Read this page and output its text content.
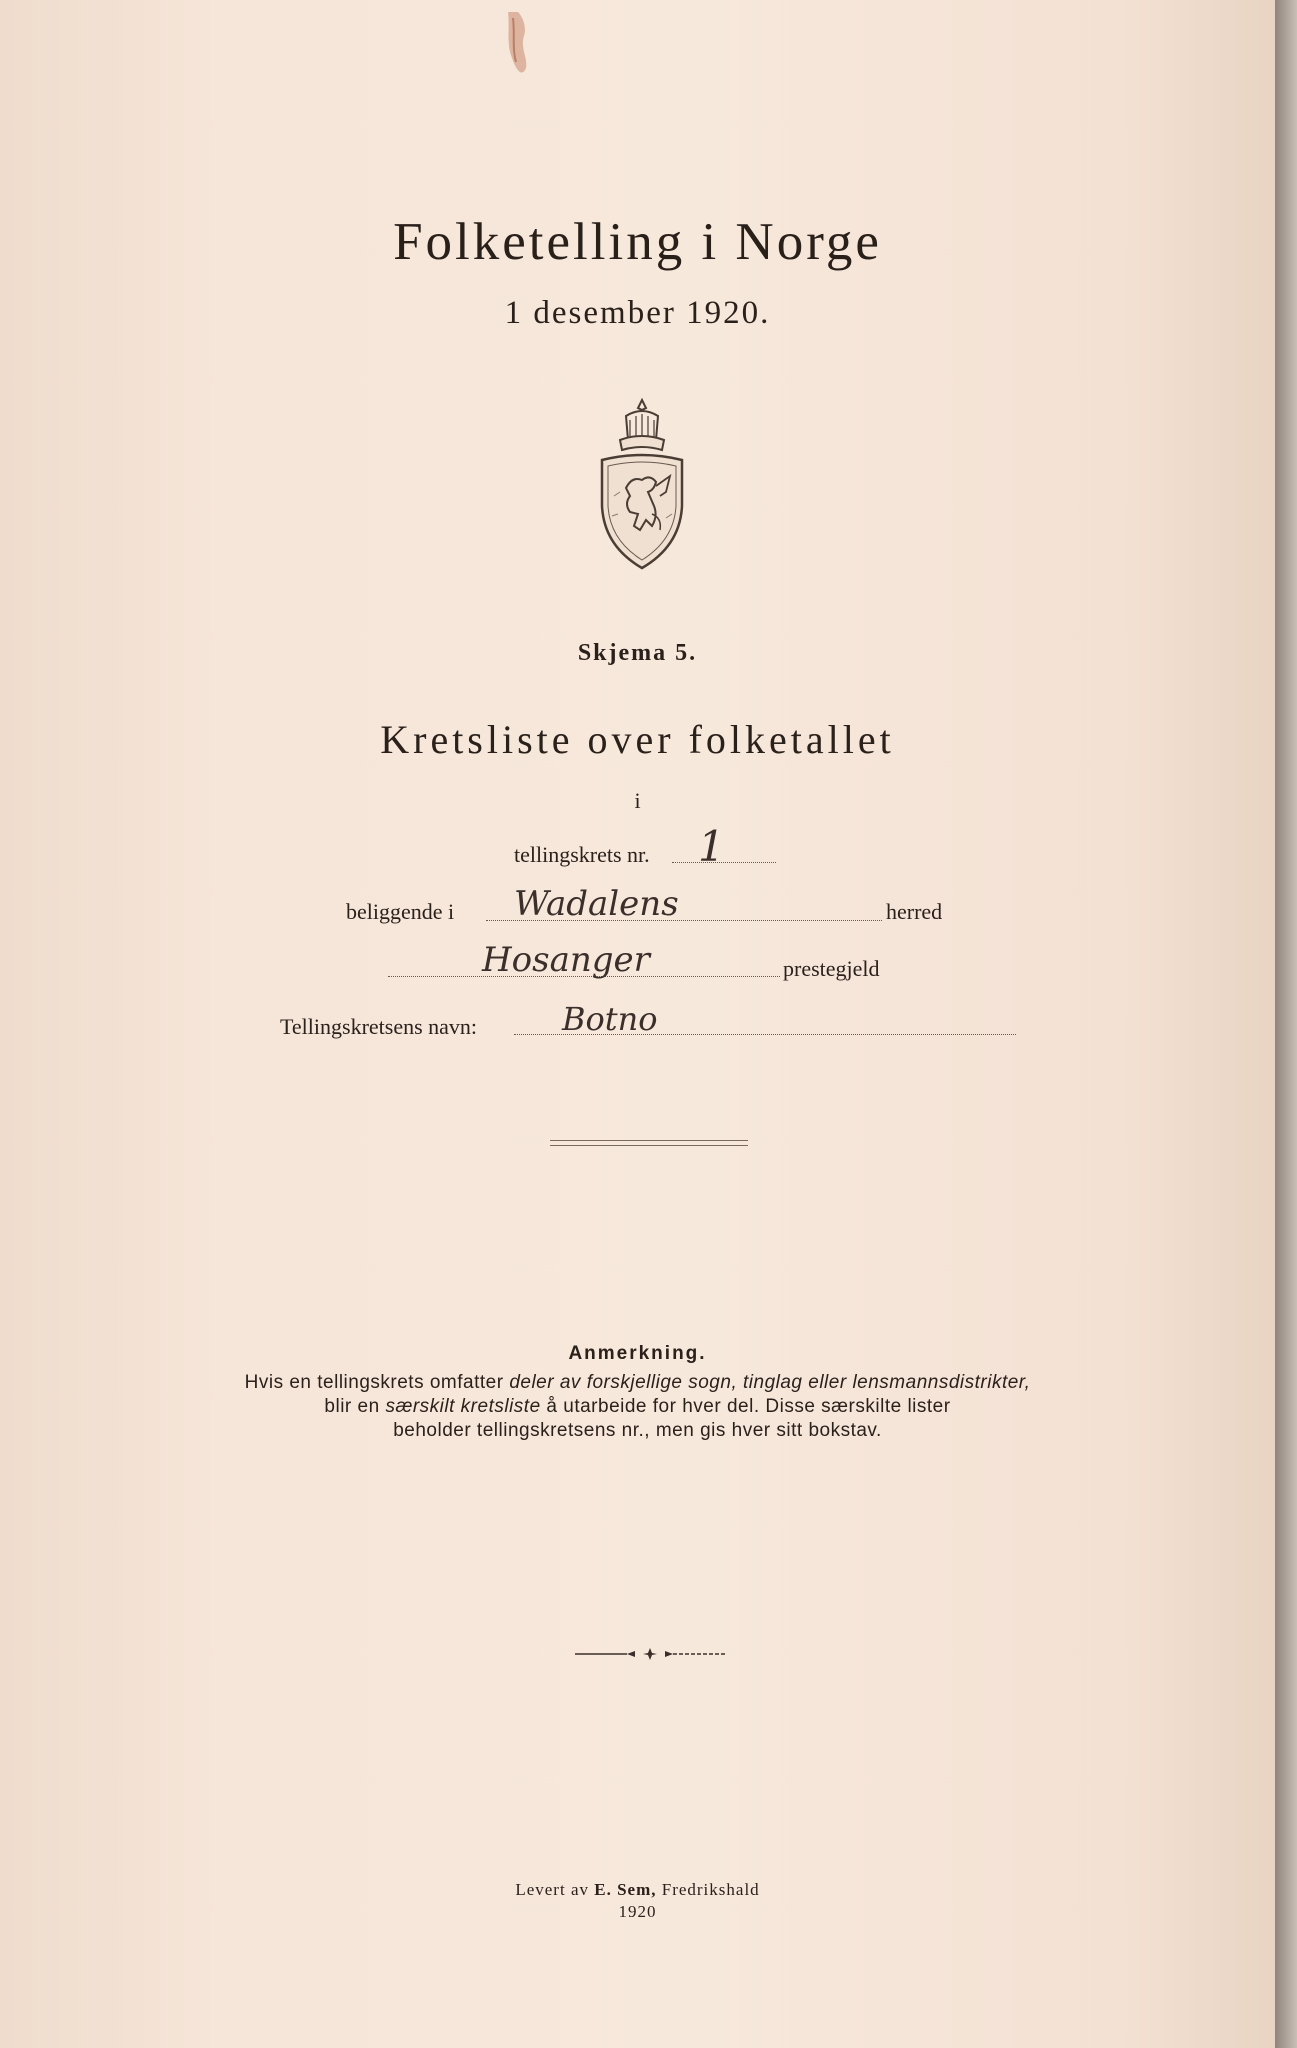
Folketelling i Norge
1 desember 1920.
Skjema 5.
Kretsliste over folketallet
i
tellingskrets nr. 1
beliggende i Wadalens	herred
Hosanger	prestegjeld
Tellingskretsens navn:	Botno
Anmerkning.
Hvis en tellingskrets omfatter deler av forskjellige sogn, tinglag eller lensmannsdistrikter,
blir en særskilt kretsliste å utarbeide for hver del. Disse særskilte lister
beholder tellingskretsens nr., men gis hver sitt bokstav.
Levert av E. Sem, Fredrikshald
1920
